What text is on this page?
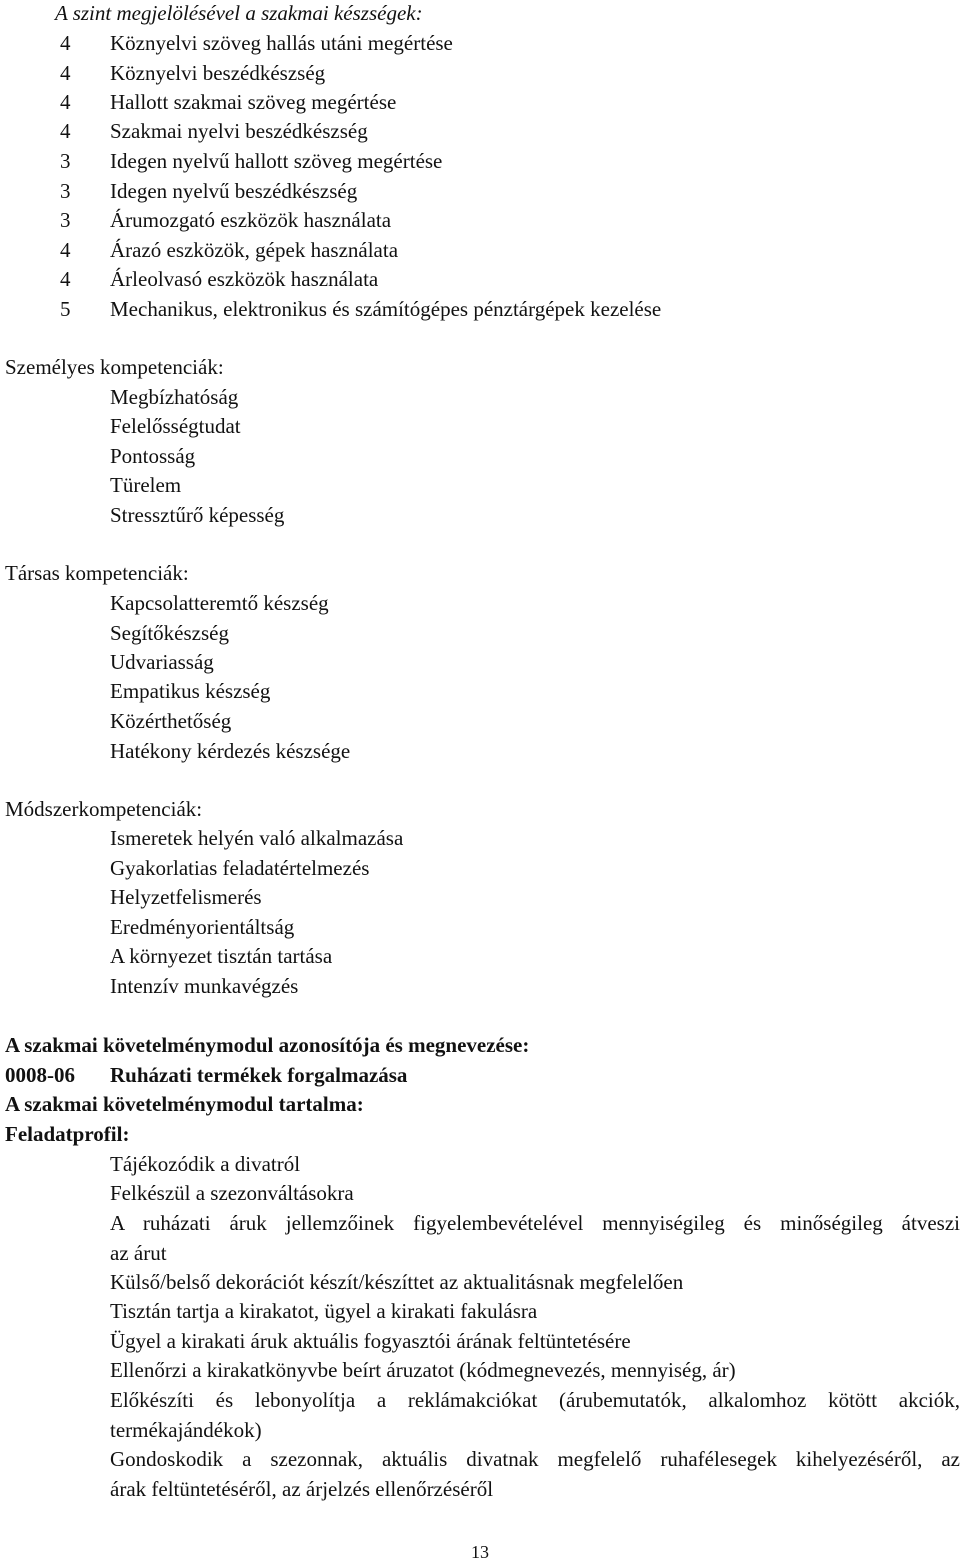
A szint megjelölésével a szakmai készségek:
4	Köznyelvi szöveg hallás utáni megértése
4	Köznyelvi beszédkészség
4	Hallott szakmai szöveg megértése
4	Szakmai nyelvi beszédkészség
3	Idegen nyelvű hallott szöveg megértése
3	Idegen nyelvű beszédkészség
3	Árumozgató eszközök használata
4	Árazó eszközök, gépek használata
4	Árleolvasó eszközök használata
5	Mechanikus, elektronikus és számítógépes pénztárgépek kezelése
Személyes kompetenciák:
Megbízhatóság
Felelősségtudat
Pontosság
Türelem
Stressztűrő képesség
Társas kompetenciák:
Kapcsolatteremtő készség
Segítőkészség
Udvariasság
Empatikus készség
Közérthetőség
Hatékony kérdezés készsége
Módszerkompetenciák:
Ismeretek helyén való alkalmazása
Gyakorlatias feladatértelmezés
Helyzetfelismerés
Eredményorientáltság
A környezet tisztán tartása
Intenzív munkavégzés
A szakmai követelménymodul azonosítója és megnevezése:
0008-06	Ruházati termékek forgalmazása
A szakmai követelménymodul tartalma:
Feladatprofil:
Tájékozódik a divatról
Felkészül a szezonváltásokra
A ruházati áruk jellemzőinek figyelembevételével mennyiségileg és minőségileg átveszi
az árut
Külső/belső dekorációt készít/készíttet az aktualitásnak megfelelően
Tisztán tartja a kirakatot, ügyel a kirakati fakulásra
Ügyel a kirakati áruk aktuális fogyasztói árának feltüntetésére
Ellenőrzi a kirakatkönyvbe beírt áruzatot (kódmegnevezés, mennyiség, ár)
Előkészíti és lebonyolítja a reklámakciókat (árubemutatók, alkalomhoz kötött akciók,
termékajándékok)
Gondoskodik a szezonnak, aktuális divatnak megfelelő ruhafélesegek kihelyezéséről, az
árak feltüntetéséről, az árjelzés ellenőrzéséről
13
